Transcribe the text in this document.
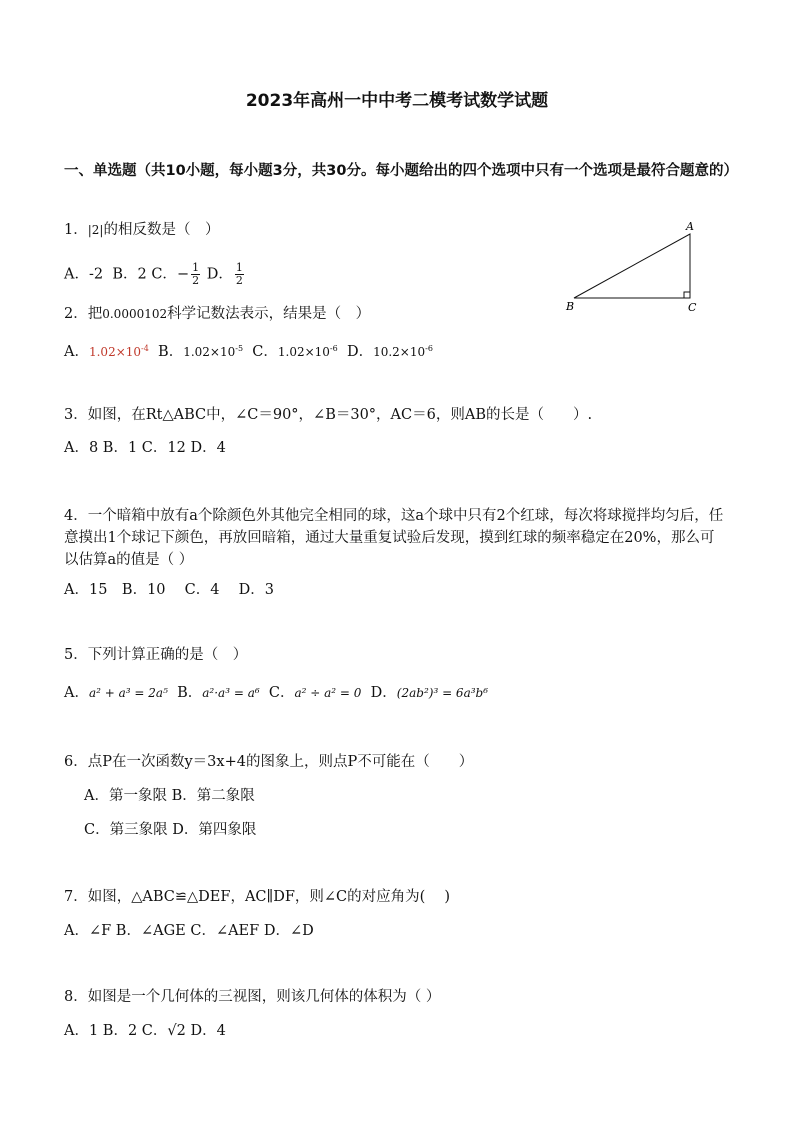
2023年高州一中中考二模考试数学试题
一、单选题（共10小题，每小题3分，共30分。每小题给出的四个选项中只有一个选项是最符合题意的）
1．|2|的相反数是（　）
A．-2 B．2 C．− $\frac{1}{2}$ D． $\frac{1}{2}$
A
B	C
2．把0.0000102科学记数法表示，结果是（　）
A．$1.02\times 10^{-4}$ B．$1.02\times 10^{-5}$ C．$1.02\times 10^{-6}$ D．$10.2\times 10^{-6}$
3．如图，在Rt△ABC中，∠C＝90°，∠B＝30°，AC＝6，则AB的长是（　　）.
A．8 B．1 C．12 D．4
4．一个暗箱中放有a个除颜色外其他完全相同的球，这a个球中只有2个红球，每次将球搅拌均匀后，任意摸出1个球记下颜色，再放回暗箱，通过大量重复试验后发现，摸到红球的频率稳定在20%，那么可以估算a的值是（ ）
A．15　B．10　 C．4　 D．3
5．下列计算正确的是（　）
A．a² + a³ = 2a⁵ B．a²·a³ = a⁶ C．a² ÷ a² = 0 D．(2ab²)³ = 6a³b⁶
6．点P在一次函数y＝3x+4的图象上，则点P不可能在（　　）
A．第一象限 B．第二象限
C．第三象限 D．第四象限
7．如图，△ABC≌△DEF，AC∥DF，则∠C的对应角为( 　)
A．∠F B．∠AGE C．∠AEF D．∠D
8．如图是一个几何体的三视图，则该几何体的体积为（ ）
A．1 B．2 C．√2 D．4
